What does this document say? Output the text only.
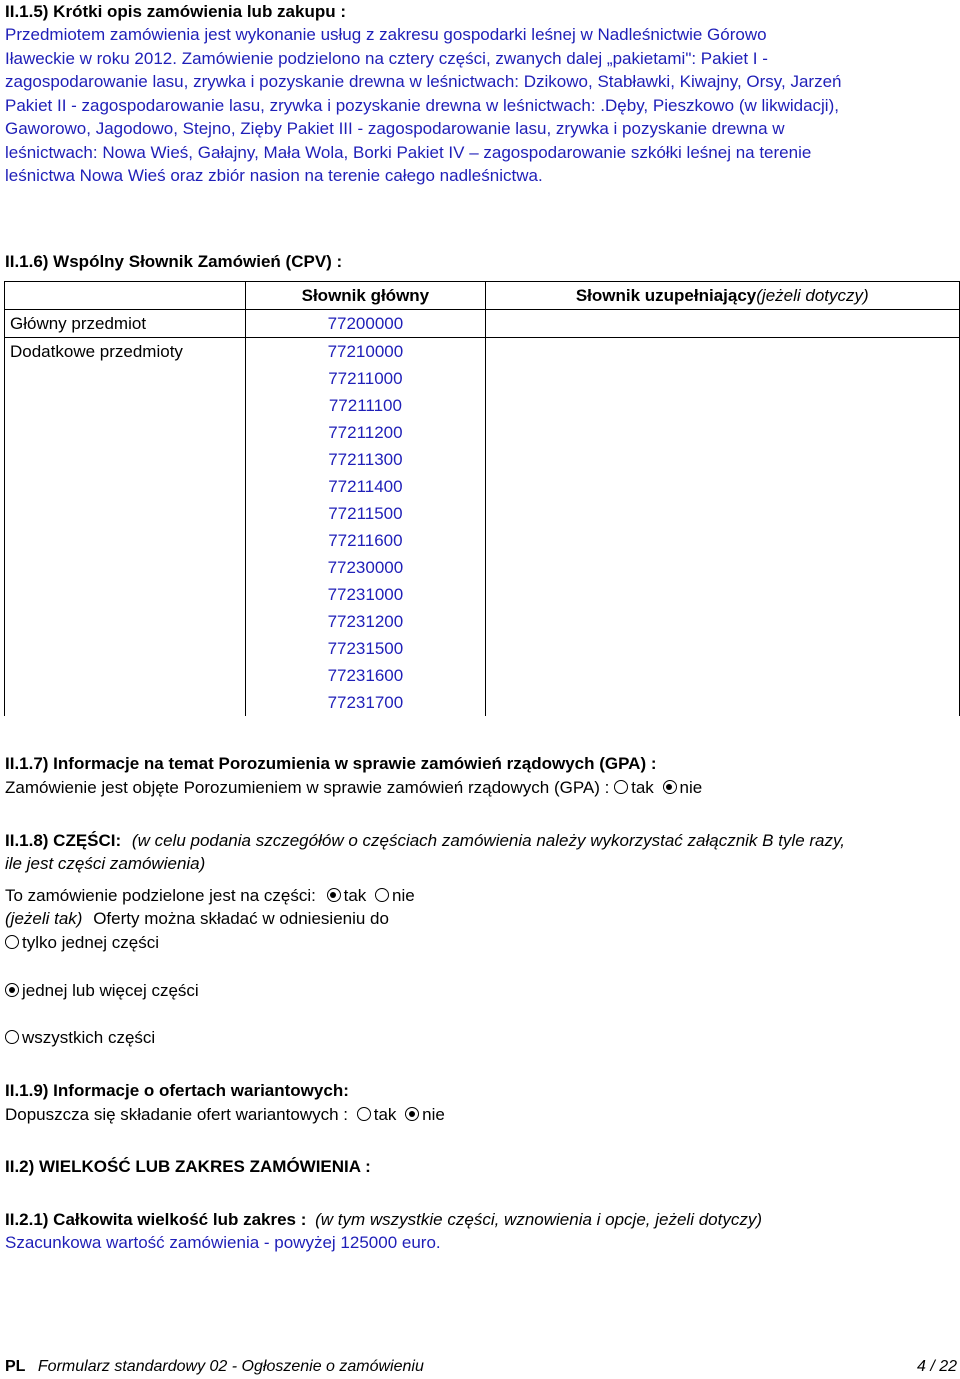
II.1.5) Krótki opis zamówienia lub zakupu :
Przedmiotem zamówienia jest wykonanie usług z zakresu gospodarki leśnej w Nadleśnictwie Górowo
Iławeckie w roku 2012. Zamówienie podzielono na cztery części, zwanych dalej „pakietami": Pakiet I -
zagospodarowanie lasu, zrywka i pozyskanie drewna w leśnictwach: Dzikowo, Stabławki, Kiwajny, Orsy, Jarzeń
Pakiet II - zagospodarowanie lasu, zrywka i pozyskanie drewna w leśnictwach: .Dęby, Pieszkowo (w likwidacji),
Gaworowo, Jagodowo, Stejno, Zięby Pakiet III - zagospodarowanie lasu, zrywka i pozyskanie drewna w
leśnictwach: Nowa Wieś, Gałajny, Mała Wola, Borki Pakiet IV – zagospodarowanie szkółki leśnej na terenie
leśnictwa Nowa Wieś oraz zbiór nasion na terenie całego nadleśnictwa.
II.1.6) Wspólny Słownik Zamówień (CPV) :
	Słownik główny	Słownik uzupełniający(jeżeli dotyczy)
Główny przedmiot	77200000	
Dodatkowe przedmioty	77210000	
	77211000	
	77211100	
	77211200	
	77211300	
	77211400	
	77211500	
	77211600	
	77230000	
	77231000	
	77231200	
	77231500	
	77231600	
	77231700	
II.1.7) Informacje na temat Porozumienia w sprawie zamówień rządowych (GPA) :
Zamówienie jest objęte Porozumieniem w sprawie zamówień rządowych (GPA) : tak nie
II.1.8) CZĘŚCI: (w celu podania szczegółów o częściach zamówienia należy wykorzystać załącznik B tyle razy,
ile jest części zamówienia)
To zamówienie podzielone jest na części: tak nie
(jeżeli tak) Oferty można składać w odniesieniu do
tylko jednej części
jednej lub więcej części
wszystkich części
II.1.9) Informacje o ofertach wariantowych:
Dopuszcza się składanie ofert wariantowych : tak nie
II.2) WIELKOŚĆ LUB ZAKRES ZAMÓWIENIA :
II.2.1) Całkowita wielkość lub zakres : (w tym wszystkie części, wznowienia i opcje, jeżeli dotyczy)
Szacunkowa wartość zamówienia - powyżej 125000 euro.
PL Formularz standardowy 02 - Ogłoszenie o zamówieniu	4 / 22
